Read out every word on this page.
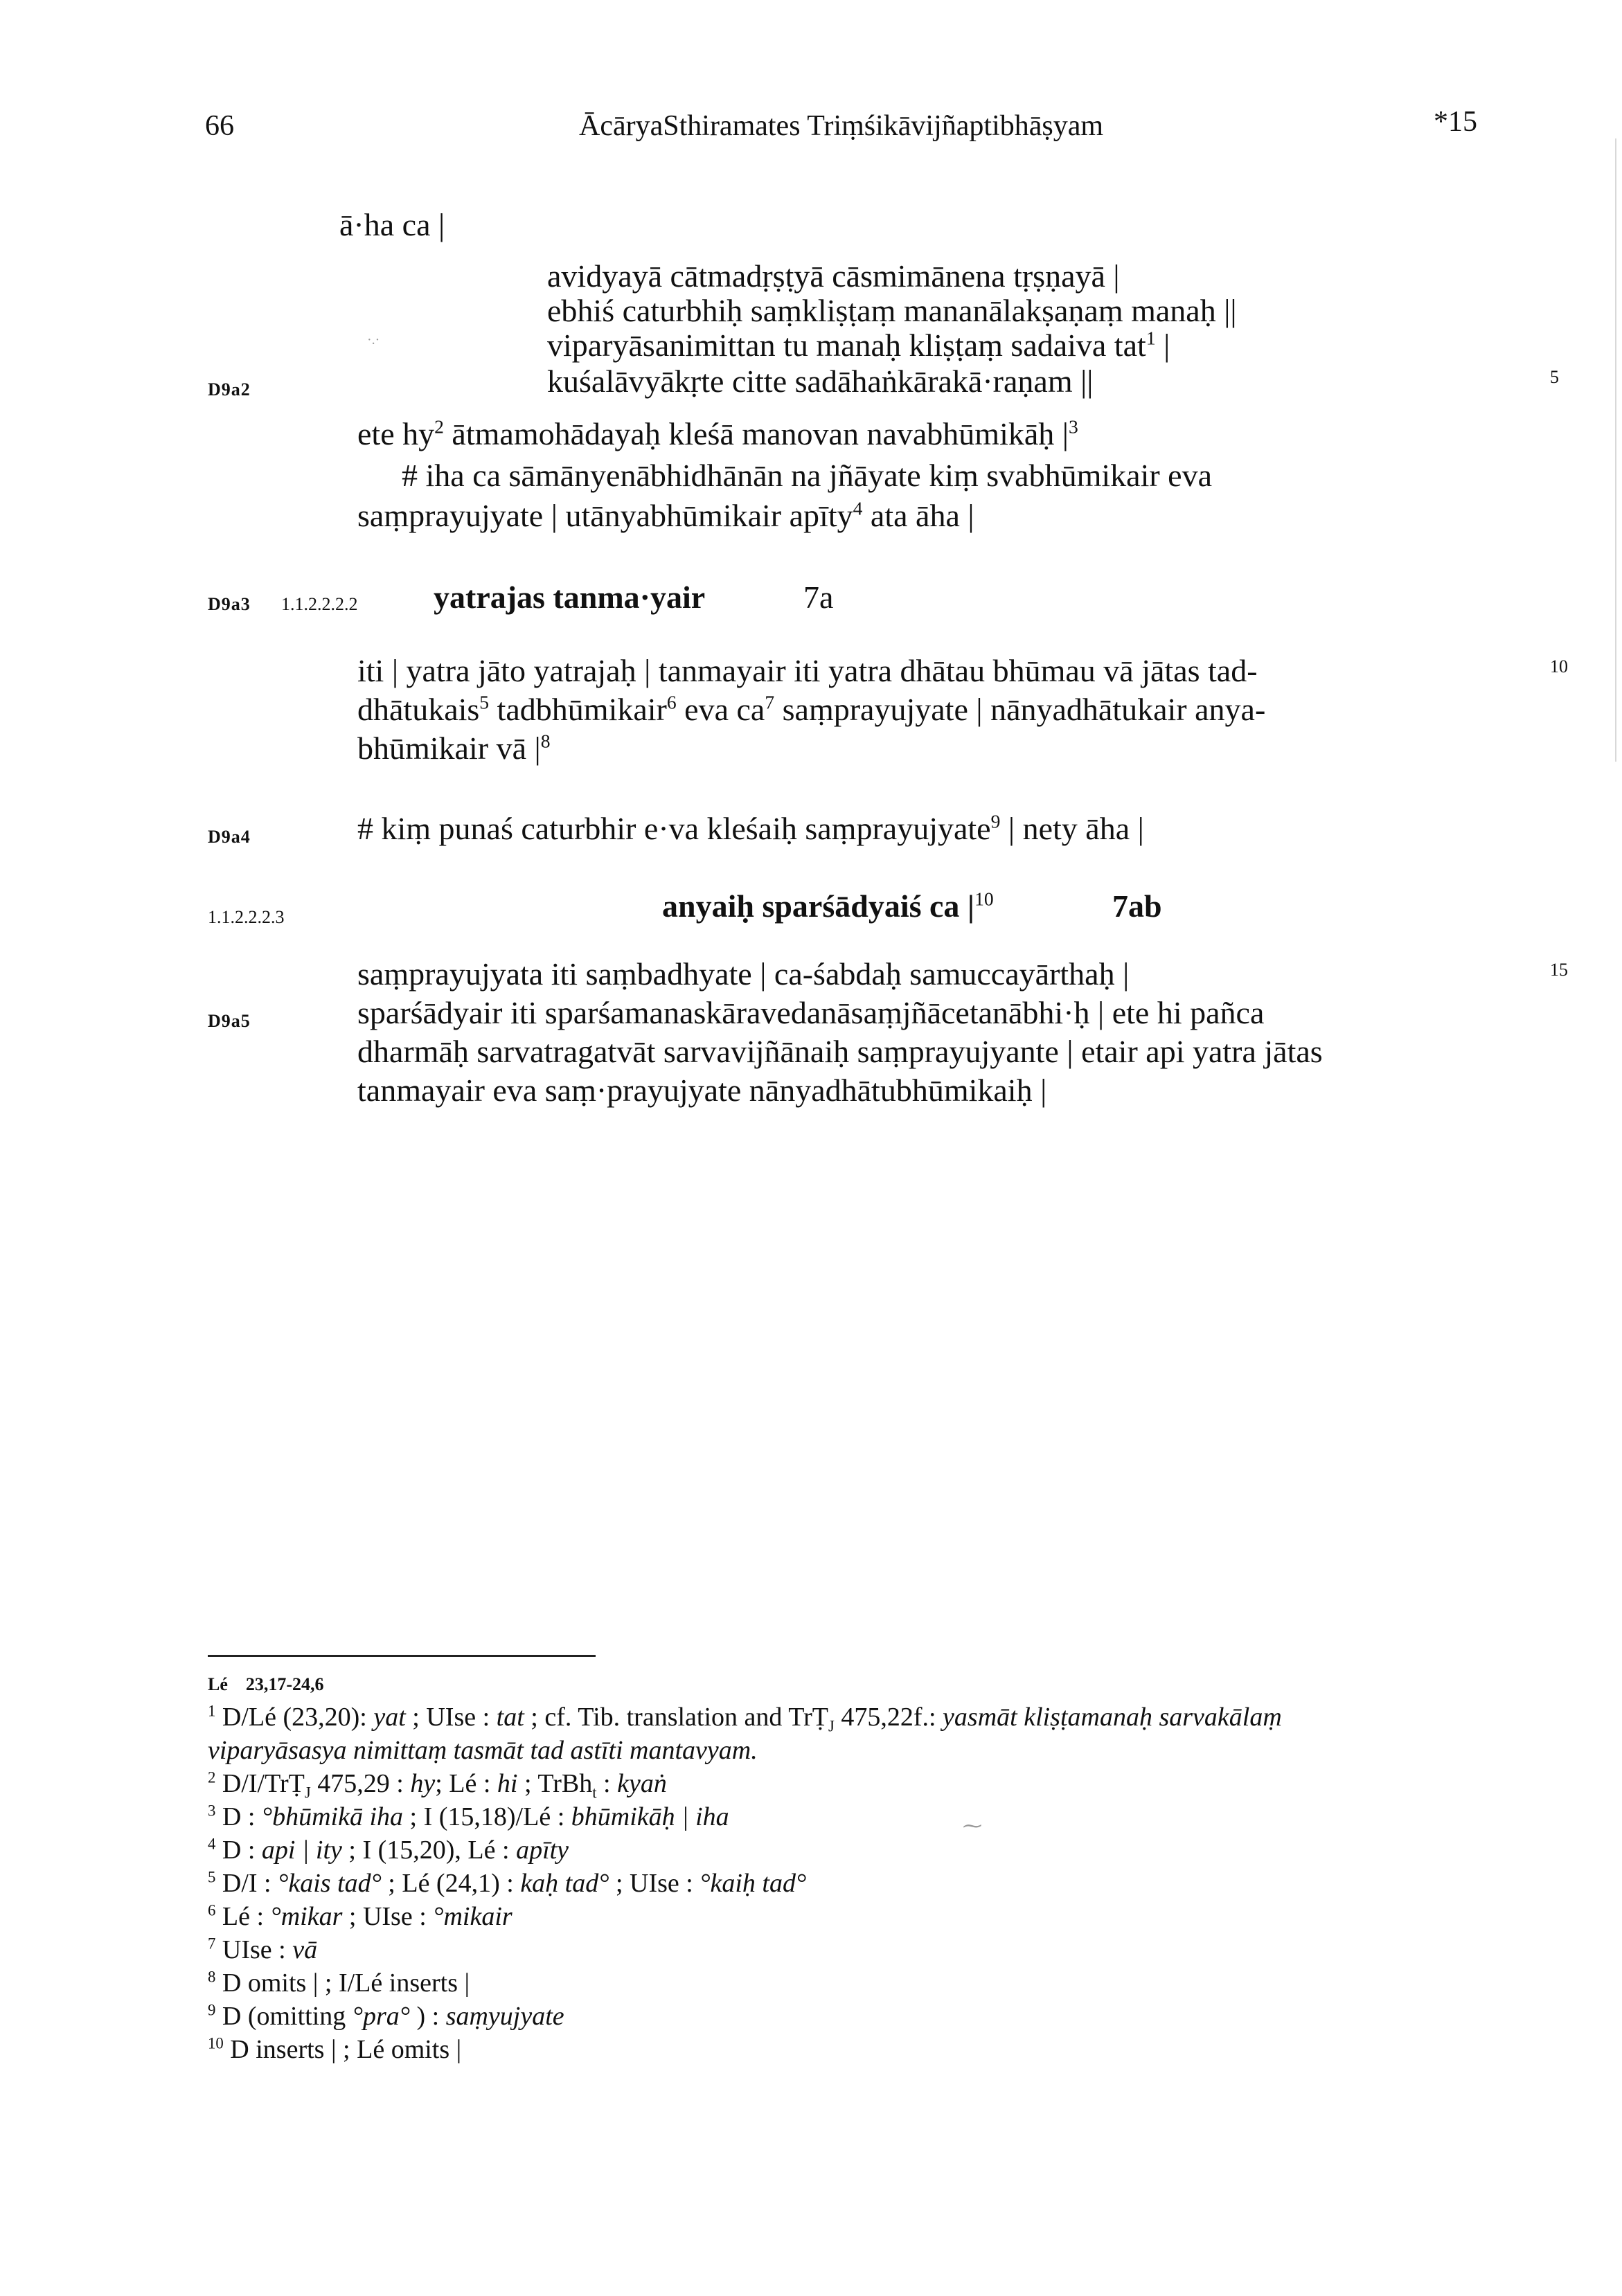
66	ĀcāryaSthiramates Triṃśikāvijñaptibhāṣyam	*15
·.·
ā·ha ca |
avidyayā cātmadṛṣṭyā cāsmimānena tṛṣṇayā |
ebhiś caturbhiḥ saṃkliṣṭaṃ mananālakṣaṇaṃ manaḥ ||
viparyāsanimittan tu manaḥ kliṣṭaṃ sadaiva tat$^1$ |
D9a2	kuśalāvyākṛte citte sadāhaṅkārakā·raṇam ||	5
ete $hy^2$ ātmamohādayaḥ kleśā manovan navabhūmikāḥ $|^3$
# iha ca sāmānyenābhidhānān na jñāyate kiṃ svabhūmikair eva
saṃprayujyate | utānyabhūmikair apīty$^4$ ata āha |
D9a3 1.1.2.2.2.2 yatrajas tanma·yair	7a
iti | yatra jāto yatrajaḥ | tanmayair iti yatra dhātau bhūmau vā jātas tad-	10
dhātukais$^5$ tadbhūmikair$^6$ eva $ca^7$ saṃprayujyate | nānyadhātukair anya-
bhūmikair vā $|^8$
D9a4	# kiṃ punaś caturbhir e·va kleśaiḥ saṃprayujyate$^9$ | nety āha |
1.1.2.2.2.3	anyaiḥ sparśādyaiś ca $|^{10}$	7ab
saṃprayujyata iti saṃbadhyate | ca-śabdaḥ samuccayārthaḥ |	15
D9a5	sparśādyair iti sparśamanaskāravedanāsaṃjñācetanābhi·ḥ | ete hi pañca
dharmāḥ sarvatragatvāt sarvavijñānaiḥ saṃprayujyante | etair api yatra jātas
tanmayair eva saṃ·prayujyate nānyadhātubhūmikaiḥ |
Lé 23,17-24,6
$^1$ D/Lé (23,20): yat ; UIse : tat ; cf. Tib. translation and TrṬ$_J$ 475,22f.: yasmāt kliṣṭamanaḥ sarvakālaṃ
viparyāsasya nimittaṃ tasmāt tad astīti mantavyam.
$^2$ D/I/TrṬ$_J$ 475,29 : hy; Lé : hi ; TrBh$_t$ : kyaṅ
$^3$ D : °bhūmikā iha ; I (15,18)/Lé : bhūmikāḥ | iha	⁓
$^4$ D : api | ity ; I (15,20), Lé : apīty
$^5$ D/I : °kais tad° ; Lé (24,1) : kaḥ tad° ; UIse : °kaiḥ tad°
$^6$ Lé : °mikar ; UIse : °mikair
$^7$ UIse : vā
$^8$ D omits | ; I/Lé inserts |
$^9$ D (omitting °pra° ) : saṃyujyate
$^{10}$ D inserts | ; Lé omits |
